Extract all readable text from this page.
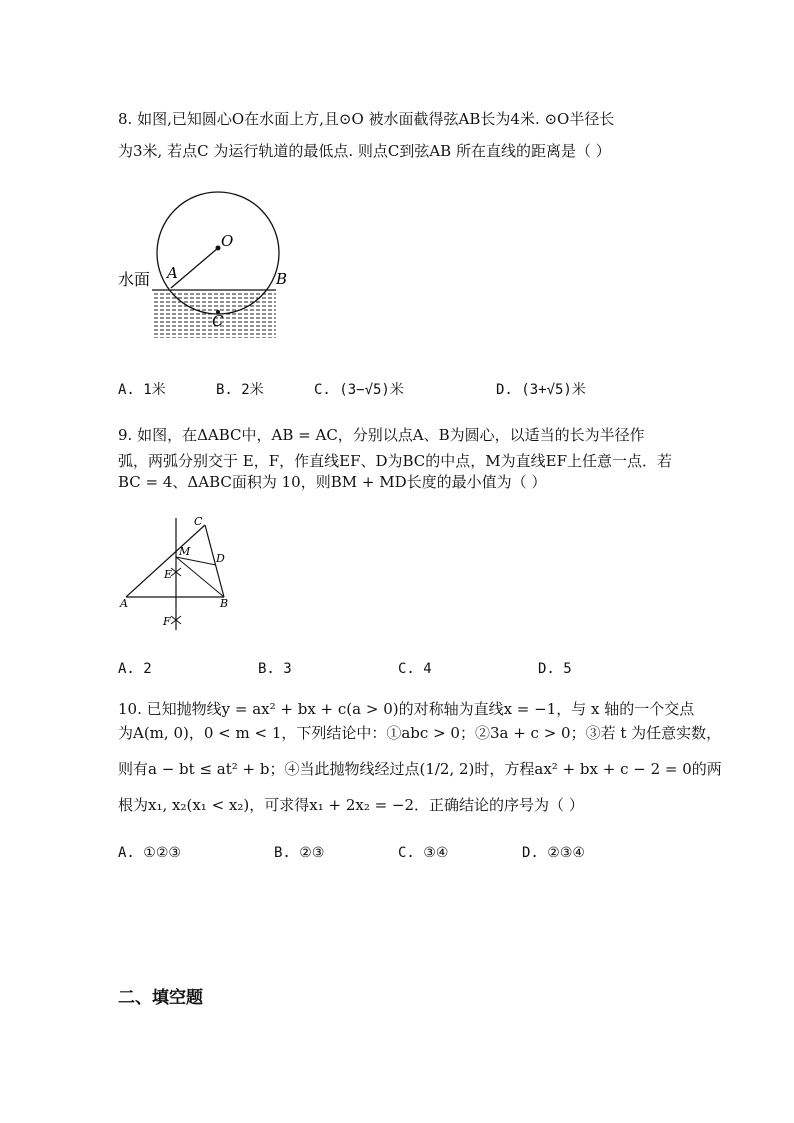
8. 如图,已知圆心O在水面上方,且⊙O 被水面截得弦AB长为4米. ⊙O半径长
为3米, 若点C 为运行轨道的最低点. 则点C到弦AB 所在直线的距离是（ ）
水面 A	B
O
C
A. 1米	B. 2米	C. (3−√5)米	D. (3+√5)米
9. 如图，在ΔABC中，AB = AC，分别以点A、B为圆心，以适当的长为半径作
弧，两弧分别交于 E，F，作直线EF、D为BC的中点，M为直线EF上任意一点．若
BC = 4、ΔABC面积为 10，则BM + MD长度的最小值为（ ）
C
M
D
E
A	B
F
A. 2	B. 3	C. 4	D. 5
10. 已知抛物线y = ax² + bx + c(a > 0)的对称轴为直线x = −1，与 x 轴的一个交点
为A(m, 0)，0 < m < 1，下列结论中：①abc > 0；②3a + c > 0；③若 t 为任意实数，
则有a − bt ≤ at² + b；④当此抛物线经过点(1/2, 2)时，方程ax² + bx + c − 2 = 0的两
根为x₁, x₂(x₁ < x₂)，可求得x₁ + 2x₂ = −2．正确结论的序号为（ ）
A. ①②③	B. ②③	C. ③④	D. ②③④
二、填空题
